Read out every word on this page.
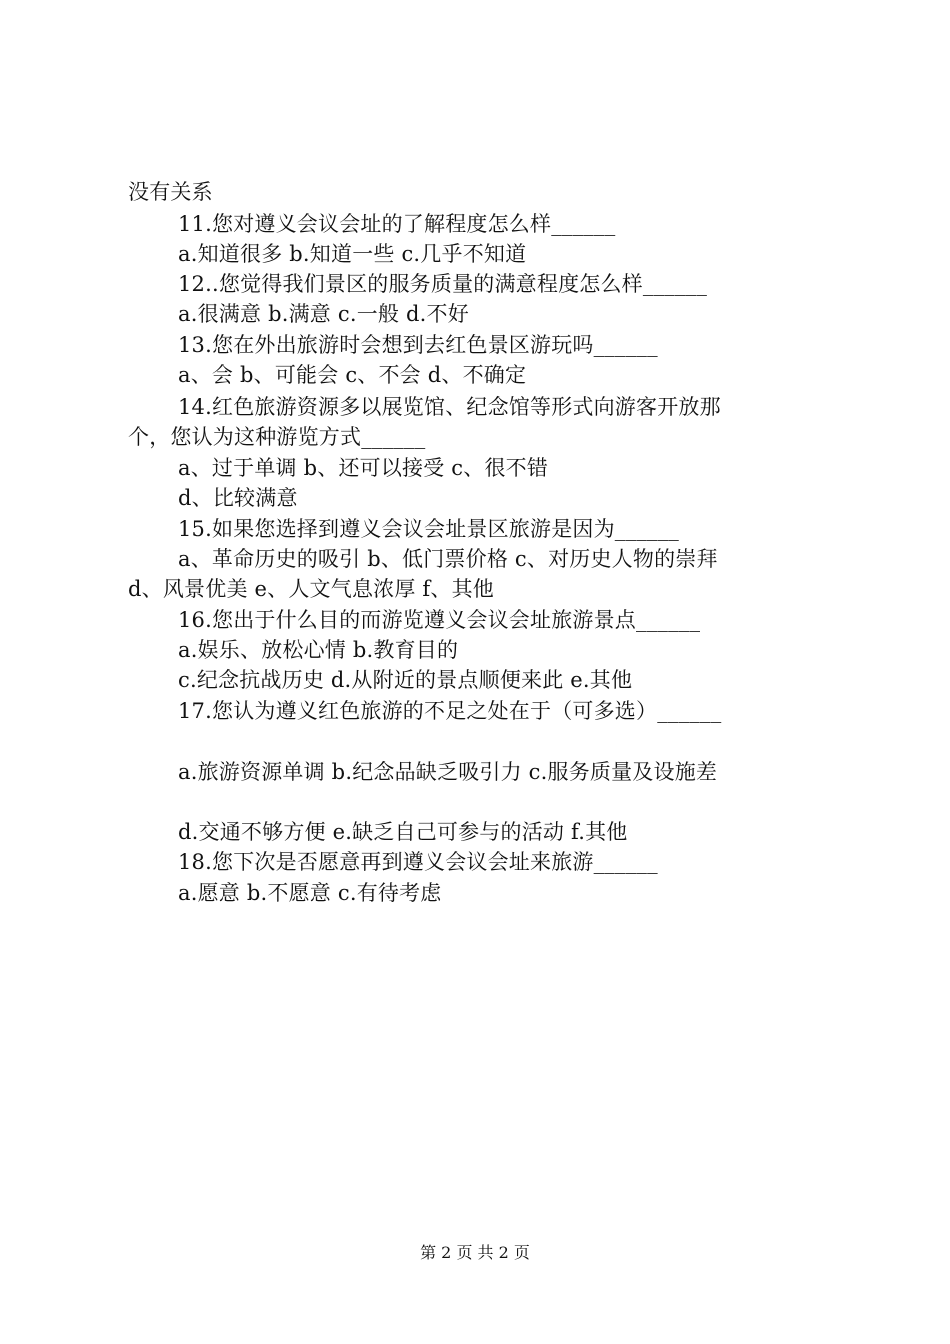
没有关系
11.您对遵义会议会址的了解程度怎么样______
a.知道很多 b.知道一些 c.几乎不知道
12..您觉得我们景区的服务质量的满意程度怎么样______
a.很满意 b.满意 c.一般 d.不好
13.您在外出旅游时会想到去红色景区游玩吗______
a、会 b、可能会 c、不会 d、不确定
14.红色旅游资源多以展览馆、纪念馆等形式向游客开放那
个，您认为这种游览方式______
a、过于单调 b、还可以接受 c、很不错
d、比较满意
15.如果您选择到遵义会议会址景区旅游是因为______
a、革命历史的吸引 b、低门票价格 c、对历史人物的崇拜
d、风景优美 e、人文气息浓厚 f、其他
16.您出于什么目的而游览遵义会议会址旅游景点______
a.娱乐、放松心情 b.教育目的
c.纪念抗战历史 d.从附近的景点顺便来此 e.其他
17.您认为遵义红色旅游的不足之处在于（可多选）______
a.旅游资源单调 b.纪念品缺乏吸引力 c.服务质量及设施差
d.交通不够方便 e.缺乏自己可参与的活动 f.其他
18.您下次是否愿意再到遵义会议会址来旅游______
a.愿意 b.不愿意 c.有待考虑
第 2 页 共 2 页
